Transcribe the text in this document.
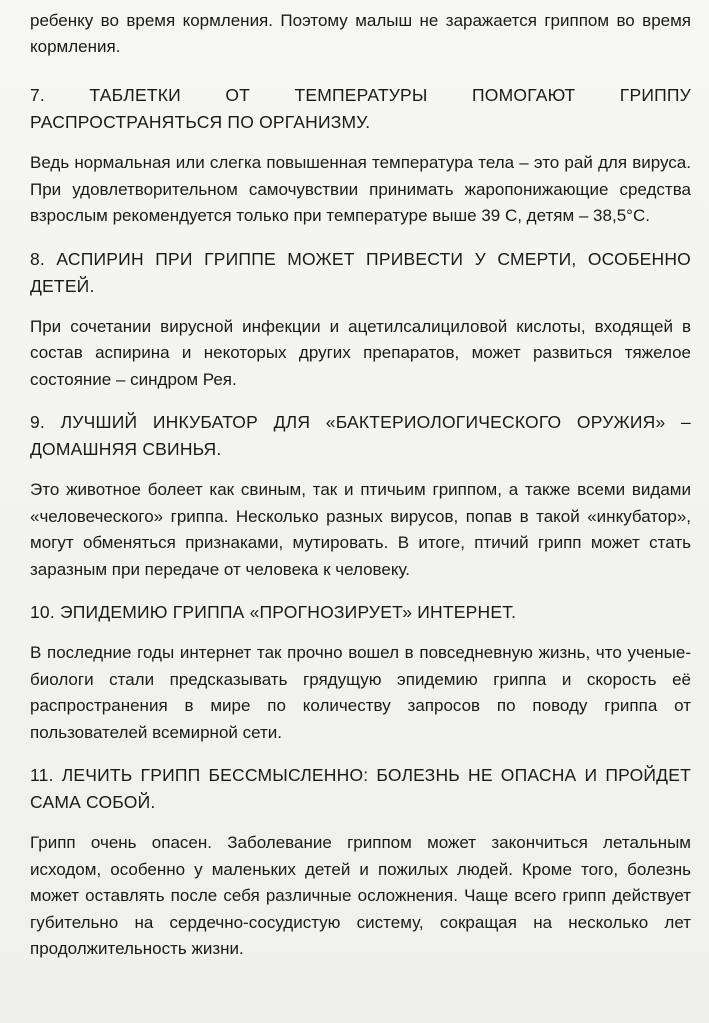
ребенку во время кормления. Поэтому малыш не заражается гриппом во время кормления.

7. ТАБЛЕТКИ ОТ ТЕМПЕРАТУРЫ ПОМОГАЮТ ГРИППУ РАСПРОСТРАНЯТЬСЯ ПО ОРГАНИЗМУ.

Ведь нормальная или слегка повышенная температура тела – это рай для вируса. При удовлетворительном самочувствии принимать жаропонижающие средства взрослым рекомендуется только при температуре выше 39 С, детям – 38,5°С.

8. АСПИРИН ПРИ ГРИППЕ МОЖЕТ ПРИВЕСТИ У СМЕРТИ, ОСОБЕННО ДЕТЕЙ.

При сочетании вирусной инфекции и ацетилсалициловой кислоты, входящей в состав аспирина и некоторых других препаратов, может развиться тяжелое состояние – синдром Рея.

9. ЛУЧШИЙ ИНКУБАТОР ДЛЯ «БАКТЕРИОЛОГИЧЕСКОГО ОРУЖИЯ» – ДОМАШНЯЯ СВИНЬЯ.

Это животное болеет как свиным, так и птичьим гриппом, а также всеми видами «человеческого» гриппа. Несколько разных вирусов, попав в такой «инкубатор», могут обменяться признаками, мутировать. В итоге, птичий грипп может стать заразным при передаче от человека к человеку.

10. ЭПИДЕМИЮ ГРИППА «ПРОГНОЗИРУЕТ» ИНТЕРНЕТ.

В последние годы интернет так прочно вошел в повседневную жизнь, что ученые-биологи стали предсказывать грядущую эпидемию гриппа и скорость её распространения в мире по количеству запросов по поводу гриппа от пользователей всемирной сети.

11. ЛЕЧИТЬ ГРИПП БЕССМЫСЛЕННО: БОЛЕЗНЬ НЕ ОПАСНА И ПРОЙДЕТ САМА СОБОЙ.

Грипп очень опасен. Заболевание гриппом может закончиться летальным исходом, особенно у маленьких детей и пожилых людей. Кроме того, болезнь может оставлять после себя различные осложнения. Чаще всего грипп действует губительно на сердечно-сосудистую систему, сокращая на несколько лет продолжительность жизни.
